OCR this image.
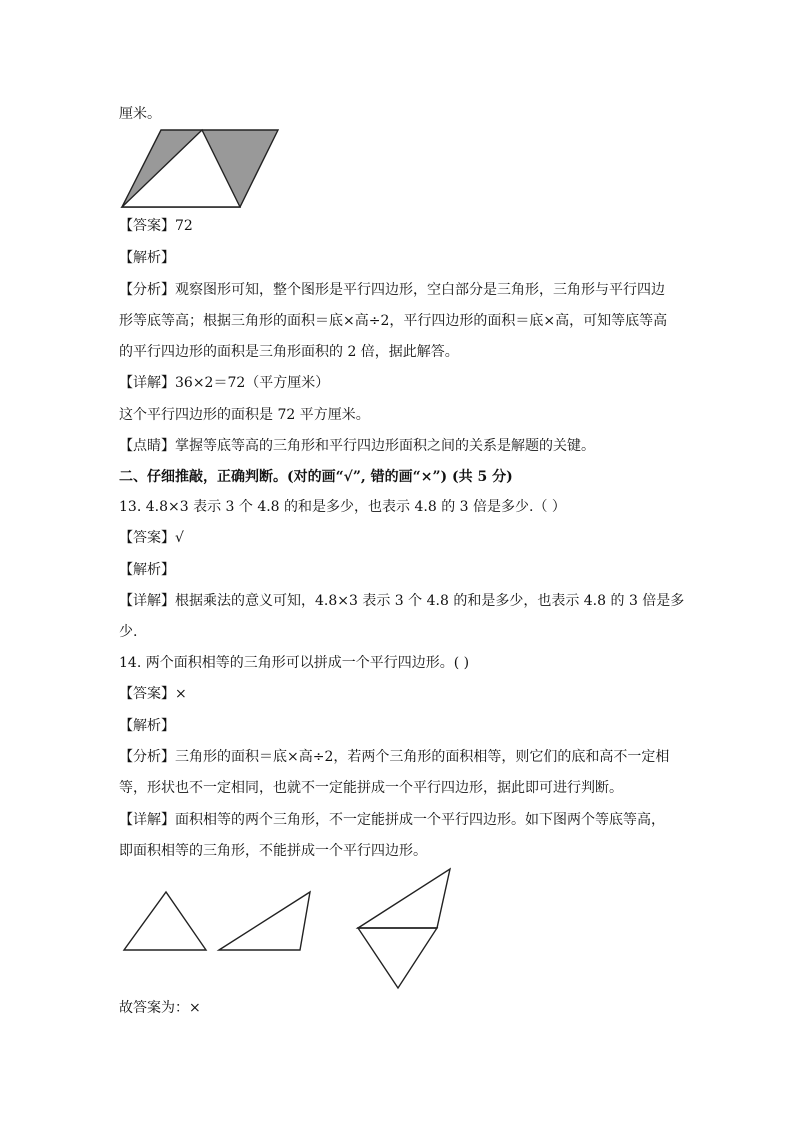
厘米。
【答案】72
【解析】
【分析】观察图形可知，整个图形是平行四边形，空白部分是三角形，三角形与平行四边
形等底等高；根据三角形的面积＝底×高÷2，平行四边形的面积＝底×高，可知等底等高
的平行四边形的面积是三角形面积的 2 倍，据此解答。
【详解】36×2＝72（平方厘米）
这个平行四边形的面积是 72 平方厘米。
【点睛】掌握等底等高的三角形和平行四边形面积之间的关系是解题的关键。
二、仔细推敲，正确判断。(对的画“√”, 错的画“×”) (共 5 分)
13. 4.8×3 表示 3 个 4.8 的和是多少，也表示 4.8 的 3 倍是多少.（ ）
【答案】√
【解析】
【详解】根据乘法的意义可知，4.8×3 表示 3 个 4.8 的和是多少，也表示 4.8 的 3 倍是多
少.
14. 两个面积相等的三角形可以拼成一个平行四边形。( )
【答案】×
【解析】
【分析】三角形的面积＝底×高÷2，若两个三角形的面积相等，则它们的底和高不一定相
等，形状也不一定相同，也就不一定能拼成一个平行四边形，据此即可进行判断。
【详解】面积相等的两个三角形，不一定能拼成一个平行四边形。如下图两个等底等高，
即面积相等的三角形，不能拼成一个平行四边形。
故答案为：×
